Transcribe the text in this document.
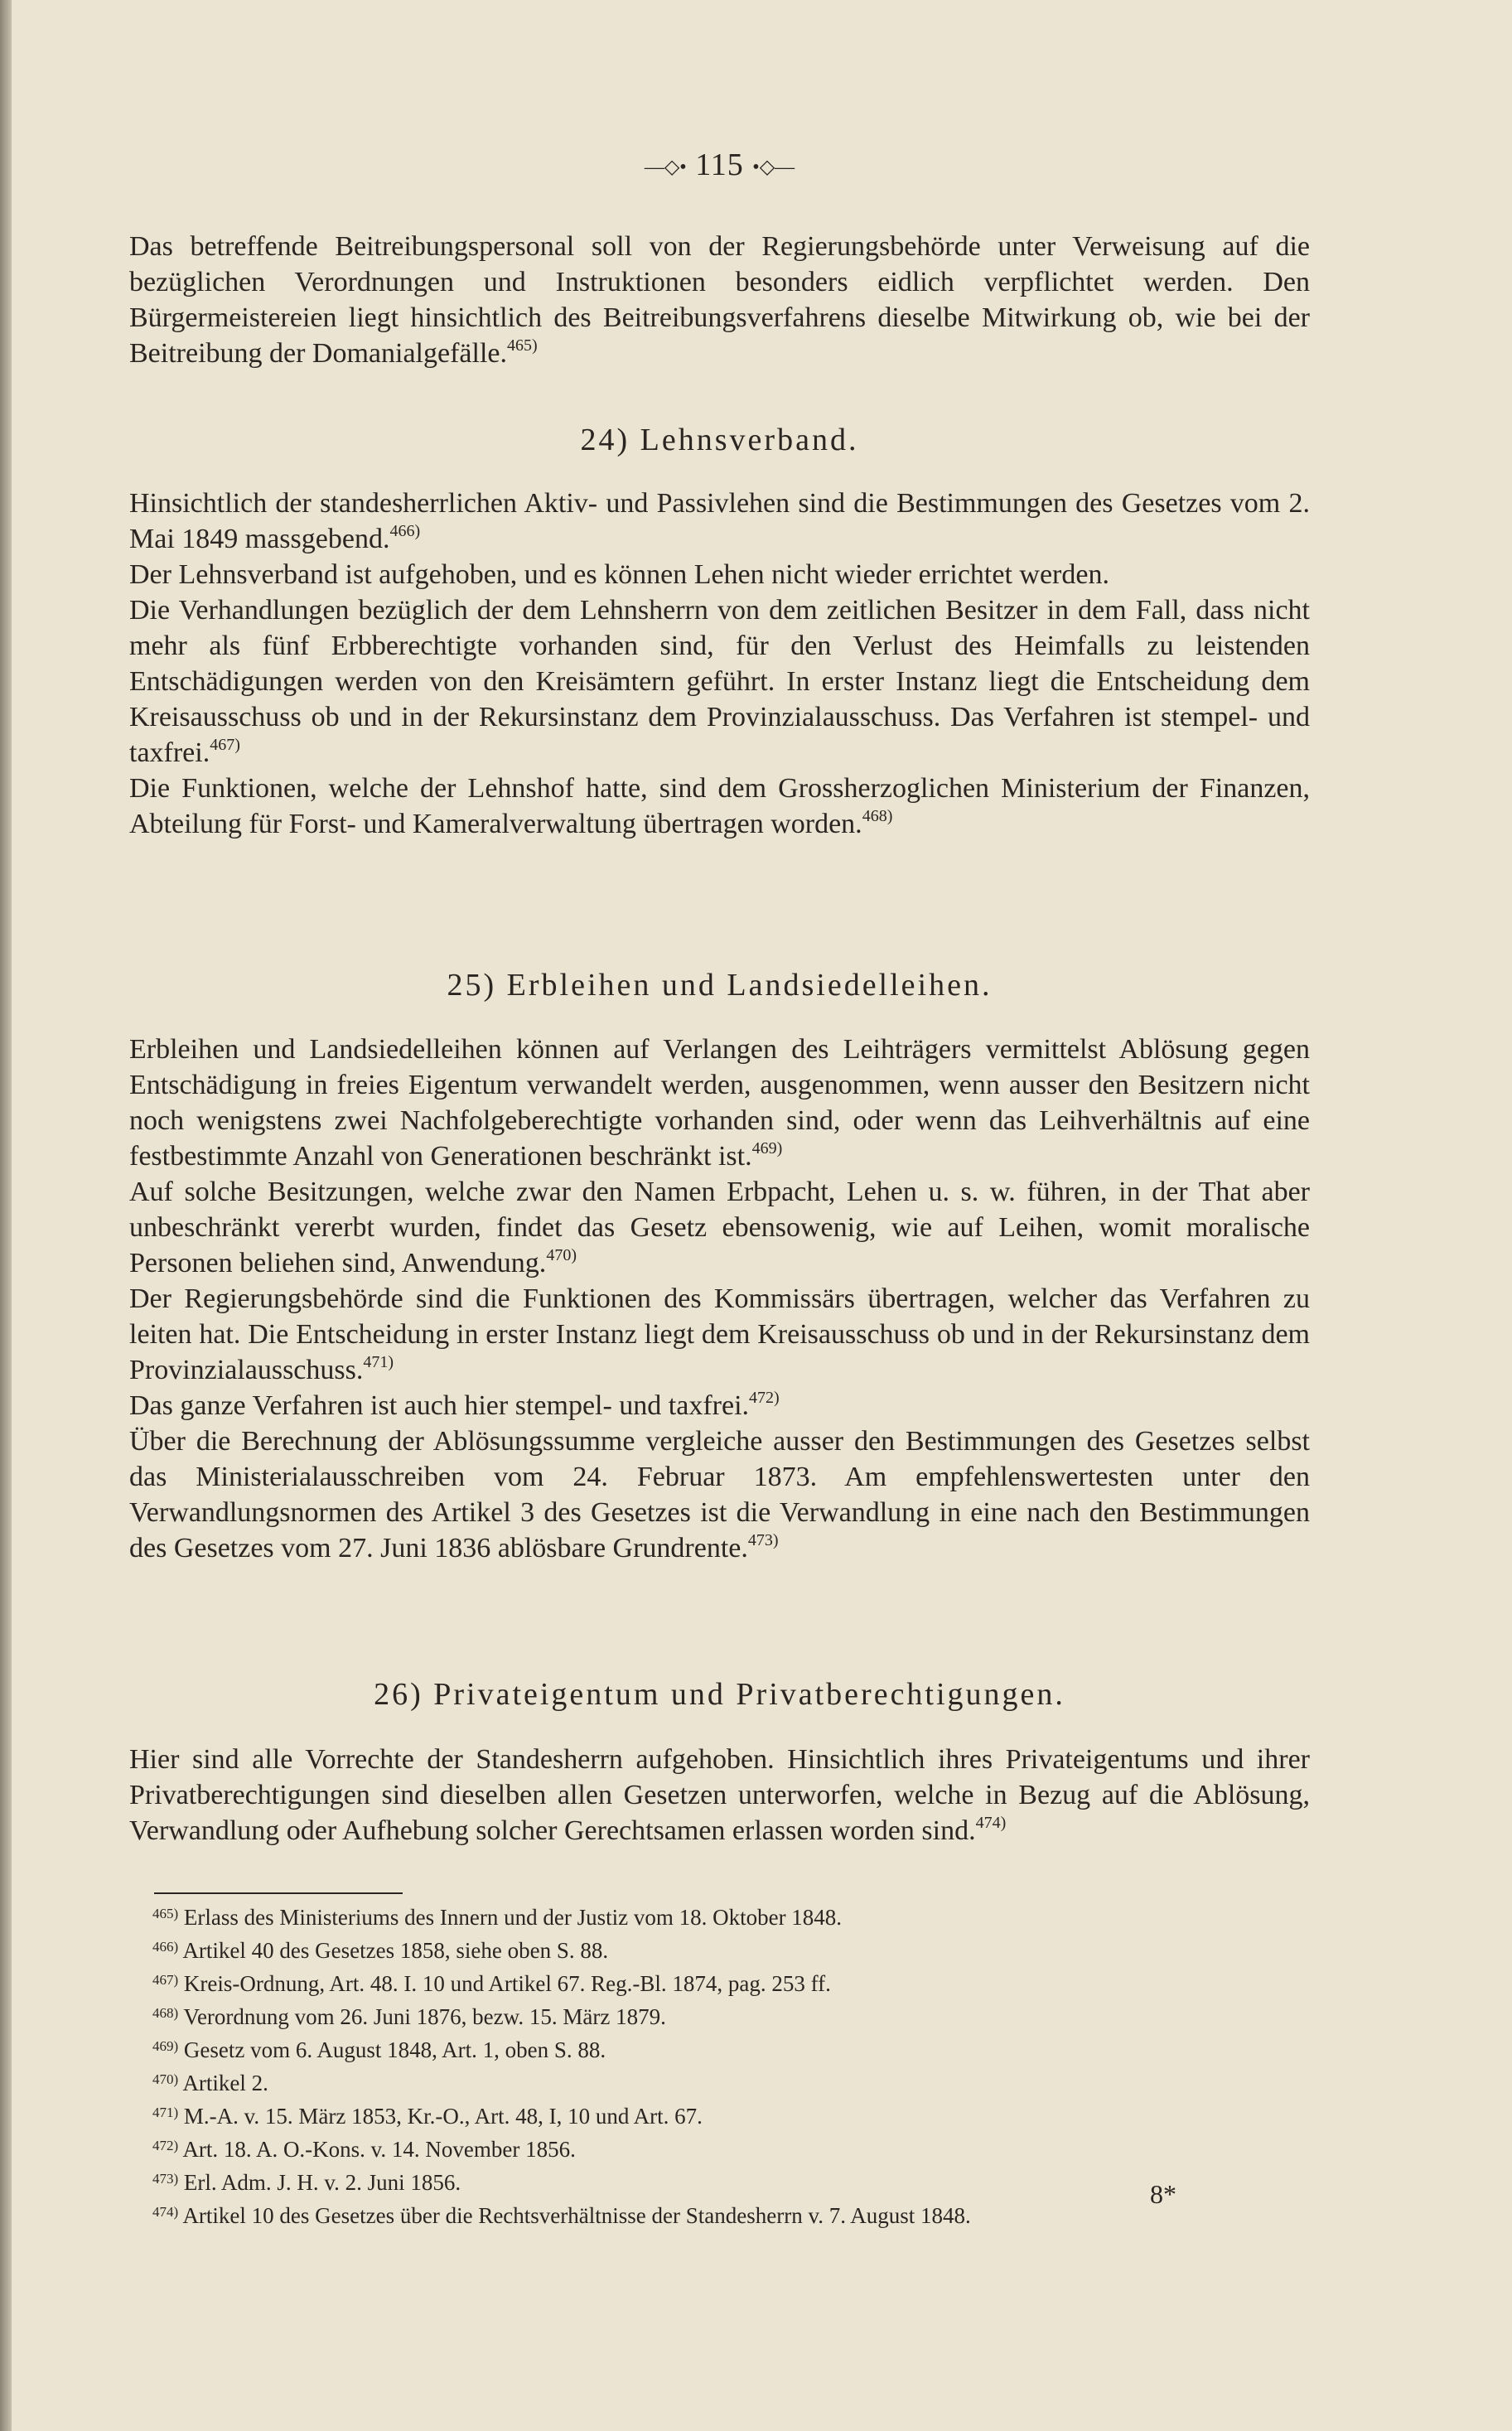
—◇• 115 •◇—

Das betreffende Beitreibungspersonal soll von der Regierungsbehörde unter Verweisung auf die bezüglichen Verordnungen und Instruktionen besonders eidlich verpflichtet werden. Den Bürgermeistereien liegt hinsichtlich des Beitreibungsverfahrens dieselbe Mitwirkung ob, wie bei der Beitreibung der Domanialgefälle.$^{465)}$

24) Lehnsverband.

Hinsichtlich der standesherrlichen Aktiv- und Passivlehen sind die Bestimmungen des Gesetzes vom 2. Mai 1849 massgebend.$^{466)}$

Der Lehnsverband ist aufgehoben, und es können Lehen nicht wieder errichtet werden.

Die Verhandlungen bezüglich der dem Lehnsherrn von dem zeitlichen Besitzer in dem Fall, dass nicht mehr als fünf Erbberechtigte vorhanden sind, für den Verlust des Heimfalls zu leistenden Entschädigungen werden von den Kreisämtern geführt. In erster Instanz liegt die Entscheidung dem Kreisausschuss ob und in der Rekursinstanz dem Provinzialausschuss. Das Verfahren ist stempel- und taxfrei.$^{467)}$

Die Funktionen, welche der Lehnshof hatte, sind dem Grossherzoglichen Ministerium der Finanzen, Abteilung für Forst- und Kameralverwaltung übertragen worden.$^{468)}$

25) Erbleihen und Landsiedelleihen.

Erbleihen und Landsiedelleihen können auf Verlangen des Leihträgers vermittelst Ablösung gegen Entschädigung in freies Eigentum verwandelt werden, ausgenommen, wenn ausser den Besitzern nicht noch wenigstens zwei Nachfolgeberechtigte vorhanden sind, oder wenn das Leihverhältnis auf eine festbestimmte Anzahl von Generationen beschränkt ist.$^{469)}$

Auf solche Besitzungen, welche zwar den Namen Erbpacht, Lehen u. s. w. führen, in der That aber unbeschränkt vererbt wurden, findet das Gesetz ebensowenig, wie auf Leihen, womit moralische Personen beliehen sind, Anwendung.$^{470)}$

Der Regierungsbehörde sind die Funktionen des Kommissärs übertragen, welcher das Verfahren zu leiten hat. Die Entscheidung in erster Instanz liegt dem Kreisausschuss ob und in der Rekursinstanz dem Provinzialausschuss.$^{471)}$

Das ganze Verfahren ist auch hier stempel- und taxfrei.$^{472)}$

Über die Berechnung der Ablösungssumme vergleiche ausser den Bestimmungen des Gesetzes selbst das Ministerialausschreiben vom 24. Februar 1873. Am empfehlenswertesten unter den Verwandlungsnormen des Artikel 3 des Gesetzes ist die Verwandlung in eine nach den Bestimmungen des Gesetzes vom 27. Juni 1836 ablösbare Grundrente.$^{473)}$

26) Privateigentum und Privatberechtigungen.

Hier sind alle Vorrechte der Standesherrn aufgehoben. Hinsichtlich ihres Privateigentums und ihrer Privatberechtigungen sind dieselben allen Gesetzen unterworfen, welche in Bezug auf die Ablösung, Verwandlung oder Aufhebung solcher Gerechtsamen erlassen worden sind.$^{474)}$

$^{465)}$ Erlass des Ministeriums des Innern und der Justiz vom 18. Oktober 1848.
$^{466)}$ Artikel 40 des Gesetzes 1858, siehe oben S. 88.
$^{467)}$ Kreis-Ordnung, Art. 48. I. 10 und Artikel 67. Reg.-Bl. 1874, pag. 253 ff.
$^{468)}$ Verordnung vom 26. Juni 1876, bezw. 15. März 1879.
$^{469)}$ Gesetz vom 6. August 1848, Art. 1, oben S. 88.
$^{470)}$ Artikel 2.
$^{471)}$ M.-A. v. 15. März 1853, Kr.-O., Art. 48, I, 10 und Art. 67.
$^{472)}$ Art. 18. A. O.-Kons. v. 14. November 1856.
$^{473)}$ Erl. Adm. J. H. v. 2. Juni 1856.
$^{474)}$ Artikel 10 des Gesetzes über die Rechtsverhältnisse der Standesherrn v. 7. August 1848.
8*
